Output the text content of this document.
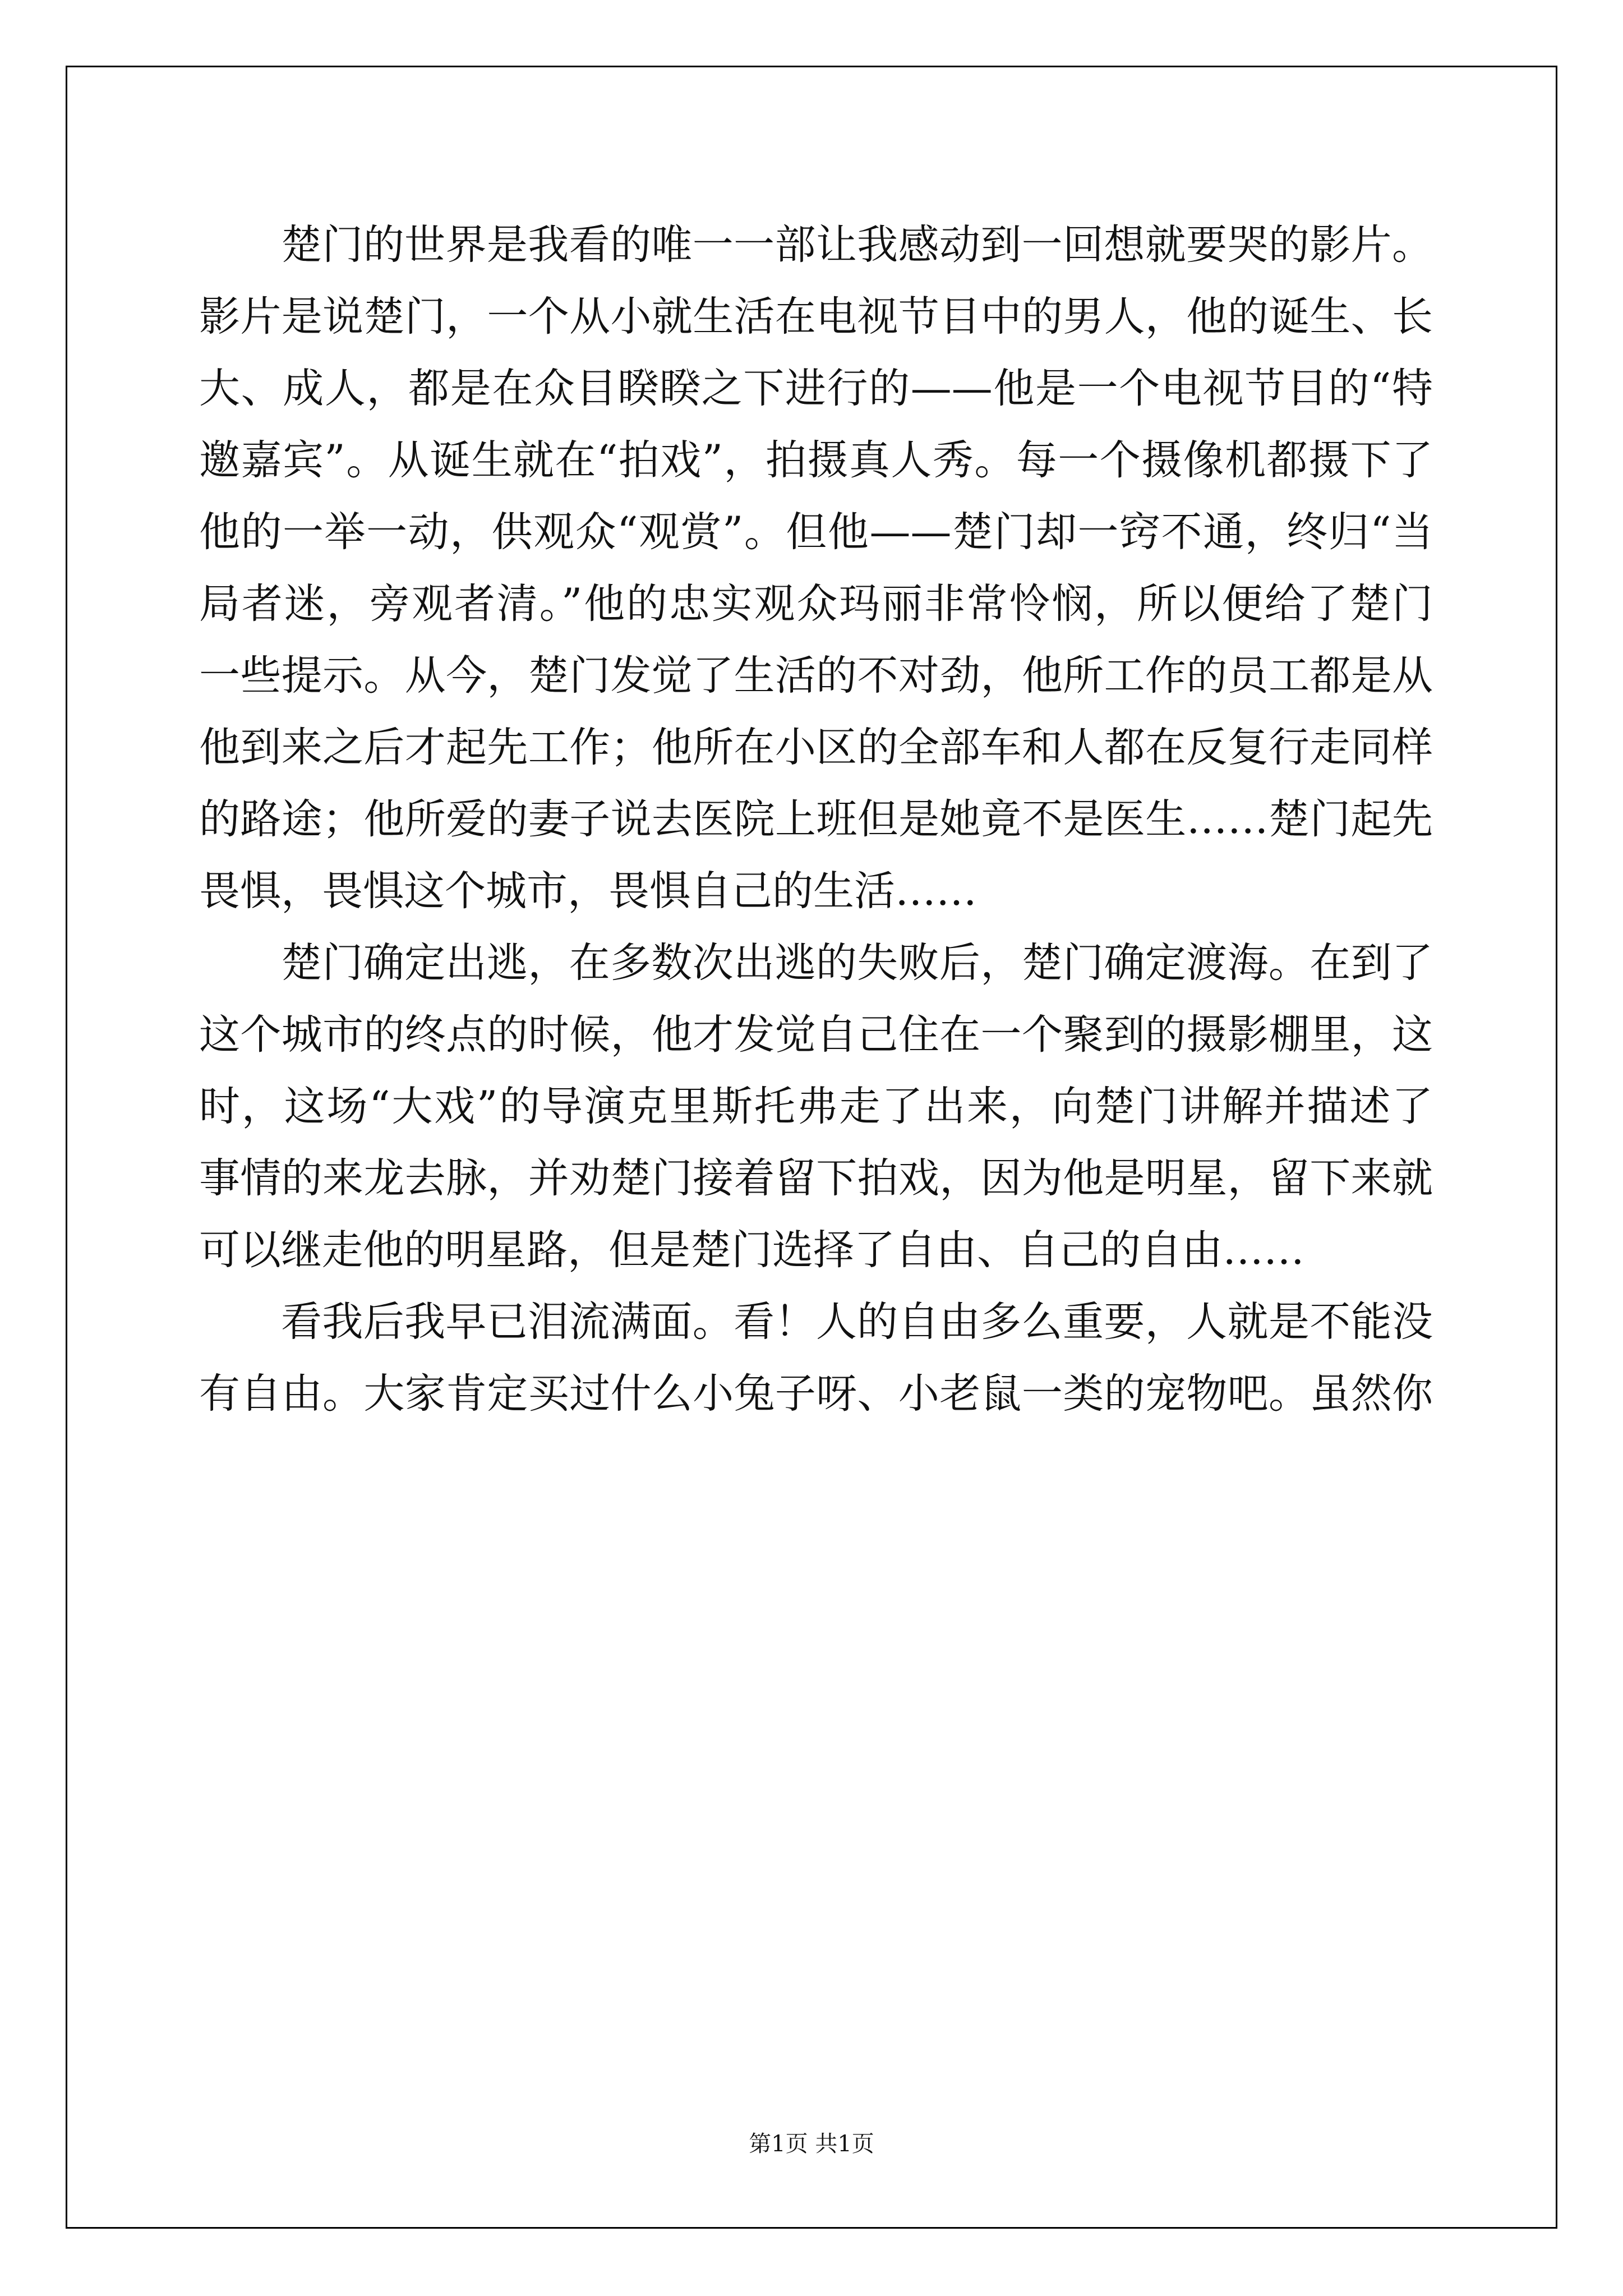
楚门的世界是我看的唯一一部让我感动到一回想就要哭的影片。
影片是说楚门，一个从小就生活在电视节目中的男人，他的诞生、长
大、成人，都是在众目睽睽之下进行的——他是一个电视节目的“特
邀嘉宾”。从诞生就在“拍戏”，拍摄真人秀。每一个摄像机都摄下了
他的一举一动，供观众“观赏”。但他——楚门却一窍不通，终归“当
局者迷，旁观者清。”他的忠实观众玛丽非常怜悯，所以便给了楚门
一些提示。从今，楚门发觉了生活的不对劲，他所工作的员工都是从
他到来之后才起先工作；他所在小区的全部车和人都在反复行走同样
的路途；他所爱的妻子说去医院上班但是她竟不是医生……楚门起先
畏惧，畏惧这个城市，畏惧自己的生活……
楚门确定出逃，在多数次出逃的失败后，楚门确定渡海。在到了
这个城市的终点的时候，他才发觉自己住在一个聚到的摄影棚里，这
时，这场“大戏”的导演克里斯托弗走了出来，向楚门讲解并描述了
事情的来龙去脉，并劝楚门接着留下拍戏，因为他是明星，留下来就
可以继走他的明星路，但是楚门选择了自由、自己的自由……
看我后我早已泪流满面。看！人的自由多么重要，人就是不能没
有自由。大家肯定买过什么小兔子呀、小老鼠一类的宠物吧。虽然你
第1页 共1页
